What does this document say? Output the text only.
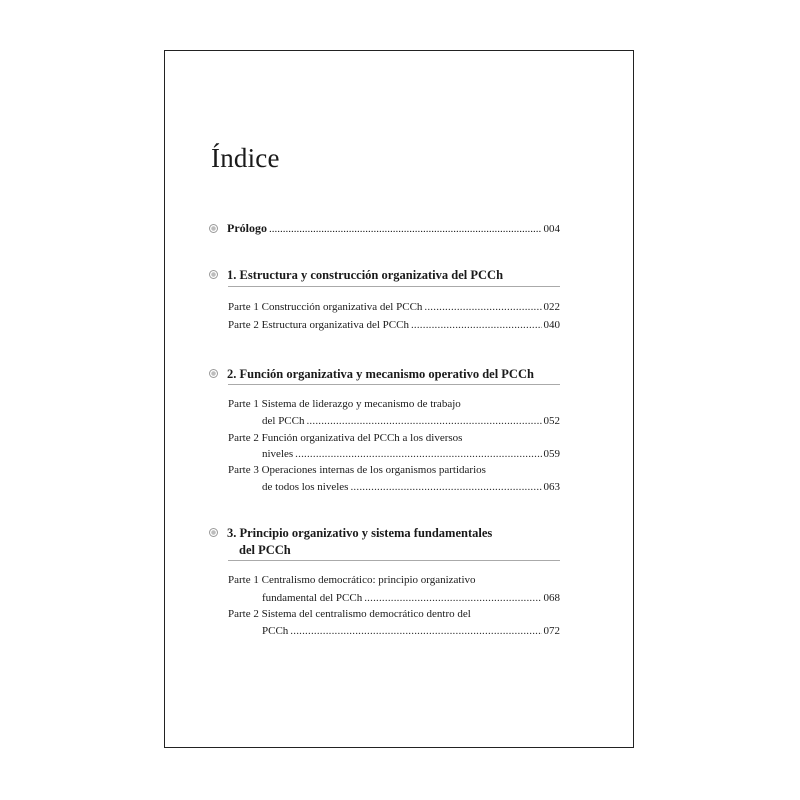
Índice
Prólogo .....	004
1. Estructura y construcción organizativa del PCCh
Parte 1 Construcción organizativa del PCCh .....	022
Parte 2 Estructura organizativa del PCCh .....	040
2. Función organizativa y mecanismo operativo del PCCh
Parte 1 Sistema de liderazgo y mecanismo de trabajo
del PCCh .....	052
Parte 2 Función organizativa del PCCh a los diversos
niveles .....	059
Parte 3 Operaciones internas de los organismos partidarios
de todos los niveles .....	063
3. Principio organizativo y sistema fundamentales
del PCCh
Parte 1 Centralismo democrático: principio organizativo
fundamental del PCCh .....	068
Parte 2 Sistema del centralismo democrático dentro del
PCCh .....	072
